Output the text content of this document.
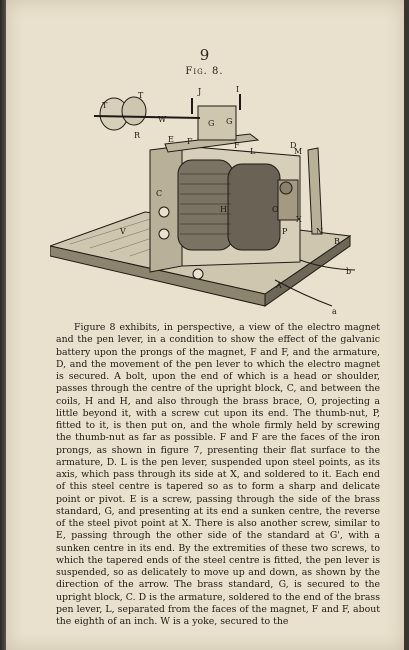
9
Fig. 8.
T
T	J	I
W	G G
R	E F	F
L	M
D
C
H	O
X
P	N
V
B
b
a
A

Figure 8 exhibits, in perspective, a view of the electro magnet and the pen lever, in a condition to show the effect of the galvanic battery upon the prongs of the magnet, F and F, and the armature, D, and the movement of the pen lever to which the electro magnet is secured. A bolt, upon the end of which is a head or shoulder, passes through the centre of the upright block, C, and between the coils, H and H, and also through the brass brace, O, projecting a little beyond it, with a screw cut upon its end. The thumb-nut, P, fitted to it, is then put on, and the whole firmly held by screwing the thumb-nut as far as possible. F and F are the faces of the iron prongs, as shown in figure 7, presenting their flat surface to the armature, D. L is the pen lever, suspended upon steel points, as its axis, which pass through its side at X, and soldered to it. Each end of this steel centre is tapered so as to form a sharp and delicate point or pivot. E is a screw, passing through the side of the brass standard, G, and presenting at its end a sunken centre, the reverse of the steel pivot point at X. There is also another screw, similar to E, passing through the other side of the standard at G', with a sunken centre in its end. By the extremities of these two screws, to which the tapered ends of the steel centre is fitted, the pen lever is suspended, so as delicately to move up and down, as shown by the direction of the arrow. The brass standard, G, is secured to the upright block, C. D is the armature, soldered to the end of the brass pen lever, L, separated from the faces of the magnet, F and F, about the eighth of an inch. W is a yoke, secured to the
